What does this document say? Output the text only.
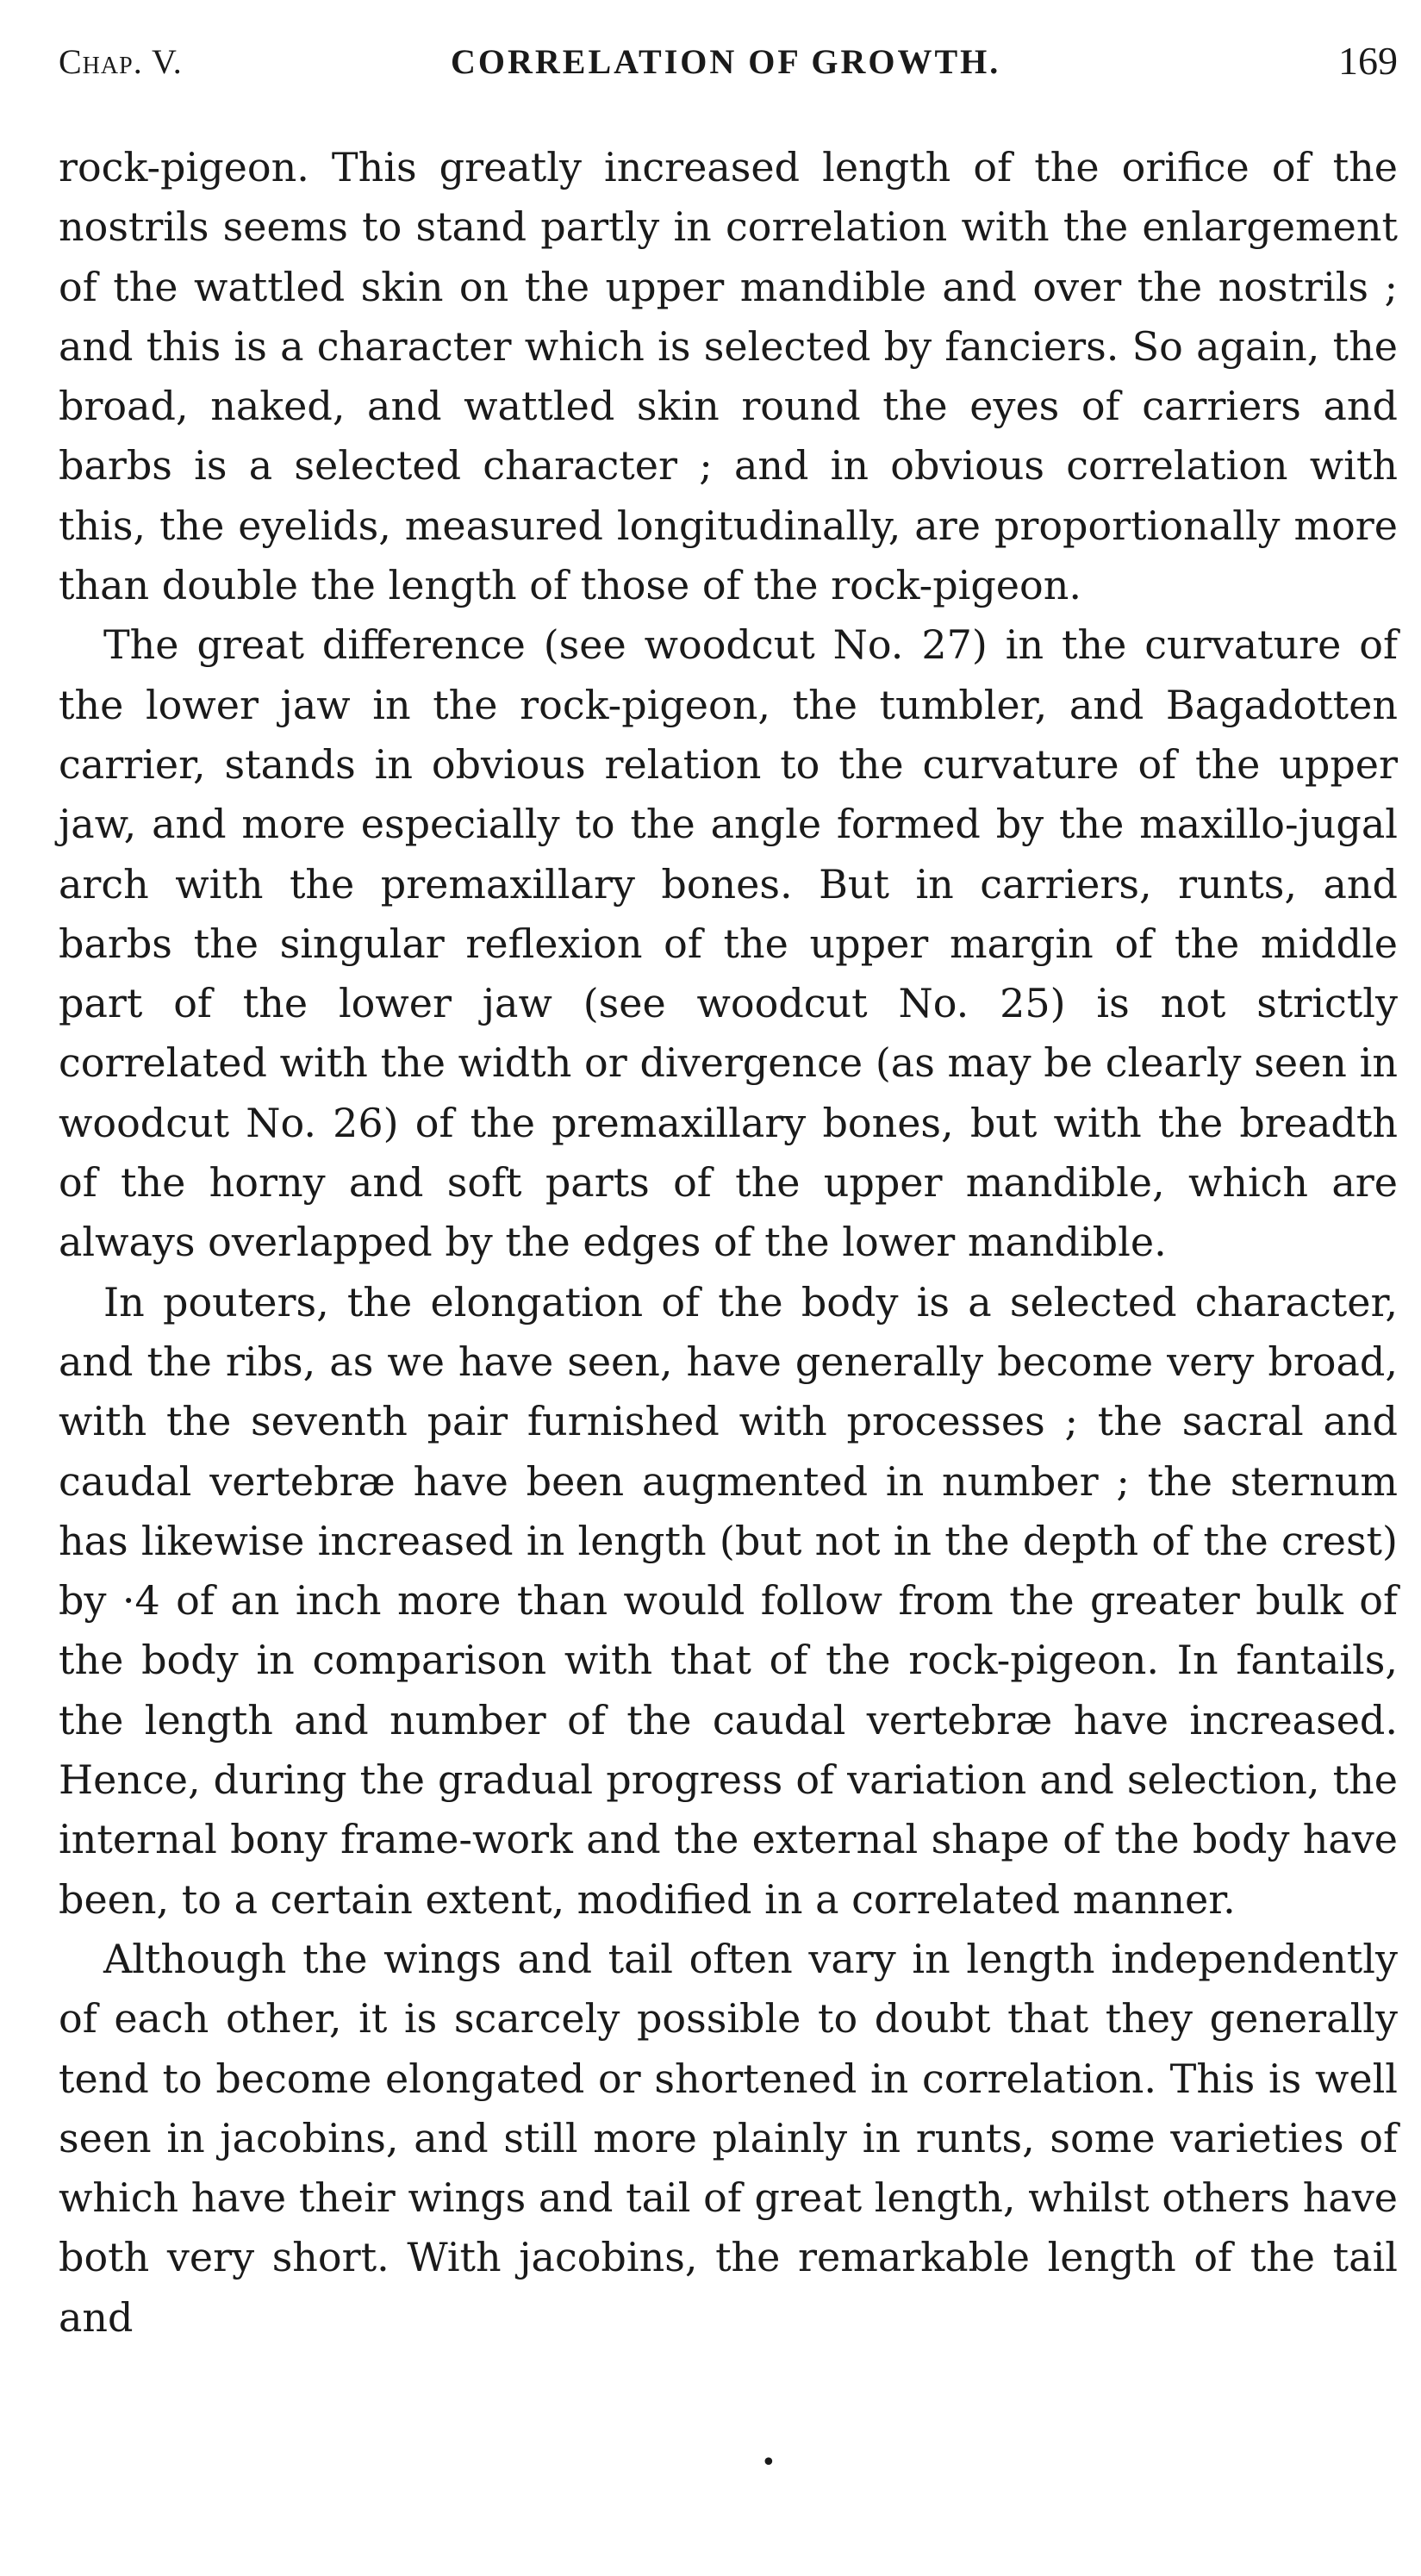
Chap. V.	CORRELATION OF GROWTH.	169

rock-pigeon. This greatly increased length of the orifice of the nostrils seems to stand partly in correlation with the enlargement of the wattled skin on the upper mandible and over the nostrils ; and this is a character which is selected by fanciers. So again, the broad, naked, and wattled skin round the eyes of carriers and barbs is a selected character ; and in obvious correlation with this, the eyelids, measured longitudinally, are proportionally more than double the length of those of the rock-pigeon.

The great difference (see woodcut No. 27) in the curvature of the lower jaw in the rock-pigeon, the tumbler, and Bagadotten carrier, stands in obvious relation to the curvature of the upper jaw, and more especially to the angle formed by the maxillo-jugal arch with the premaxillary bones. But in carriers, runts, and barbs the singular reflexion of the upper margin of the middle part of the lower jaw (see woodcut No. 25) is not strictly correlated with the width or divergence (as may be clearly seen in woodcut No. 26) of the premaxillary bones, but with the breadth of the horny and soft parts of the upper mandible, which are always overlapped by the edges of the lower mandible.

In pouters, the elongation of the body is a selected character, and the ribs, as we have seen, have generally become very broad, with the seventh pair furnished with processes ; the sacral and caudal vertebræ have been augmented in number ; the sternum has likewise increased in length (but not in the depth of the crest) by ·4 of an inch more than would follow from the greater bulk of the body in comparison with that of the rock-pigeon. In fantails, the length and number of the caudal vertebræ have increased. Hence, during the gradual progress of variation and selection, the internal bony frame-work and the external shape of the body have been, to a certain extent, modified in a correlated manner.

Although the wings and tail often vary in length independently of each other, it is scarcely possible to doubt that they generally tend to become elongated or shortened in correlation. This is well seen in jacobins, and still more plainly in runts, some varieties of which have their wings and tail of great length, whilst others have both very short. With jacobins, the remarkable length of the tail and

•
